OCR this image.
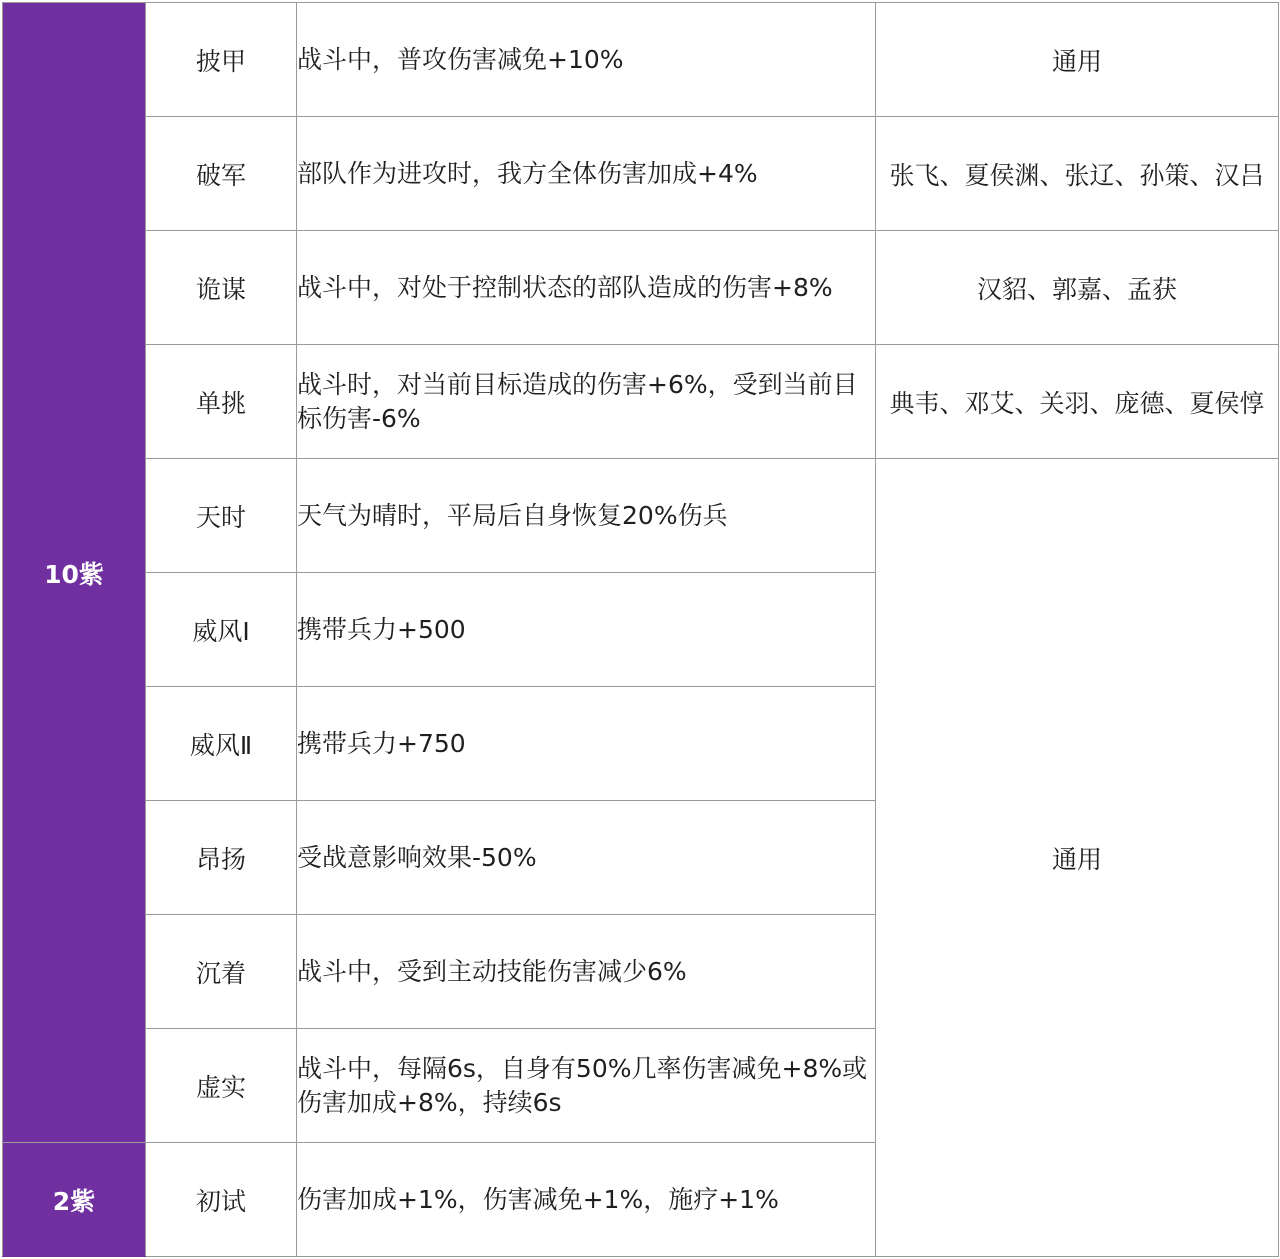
10紫	披甲	战斗中，普攻伤害减免+10%	通用
	破军	部队作为进攻时，我方全体伤害加成+4%	张飞、夏侯渊、张辽、孙策、汉吕
	诡谋	战斗中，对处于控制状态的部队造成的伤害+8%	汉貂、郭嘉、孟获
	单挑	战斗时，对当前目标造成的伤害+6%，受到当前目标伤害-6%	典韦、邓艾、关羽、庞德、夏侯惇
	天时	天气为晴时，平局后自身恢复20%伤兵	通用
	威风Ⅰ	携带兵力+500	
	威风Ⅱ	携带兵力+750	
	昂扬	受战意影响效果-50%	
	沉着	战斗中，受到主动技能伤害减少6%	
	虚实	战斗中，每隔6s，自身有50%几率伤害减免+8%或伤害加成+8%，持续6s	
2紫	初试	伤害加成+1%，伤害减免+1%，施疗+1%	
